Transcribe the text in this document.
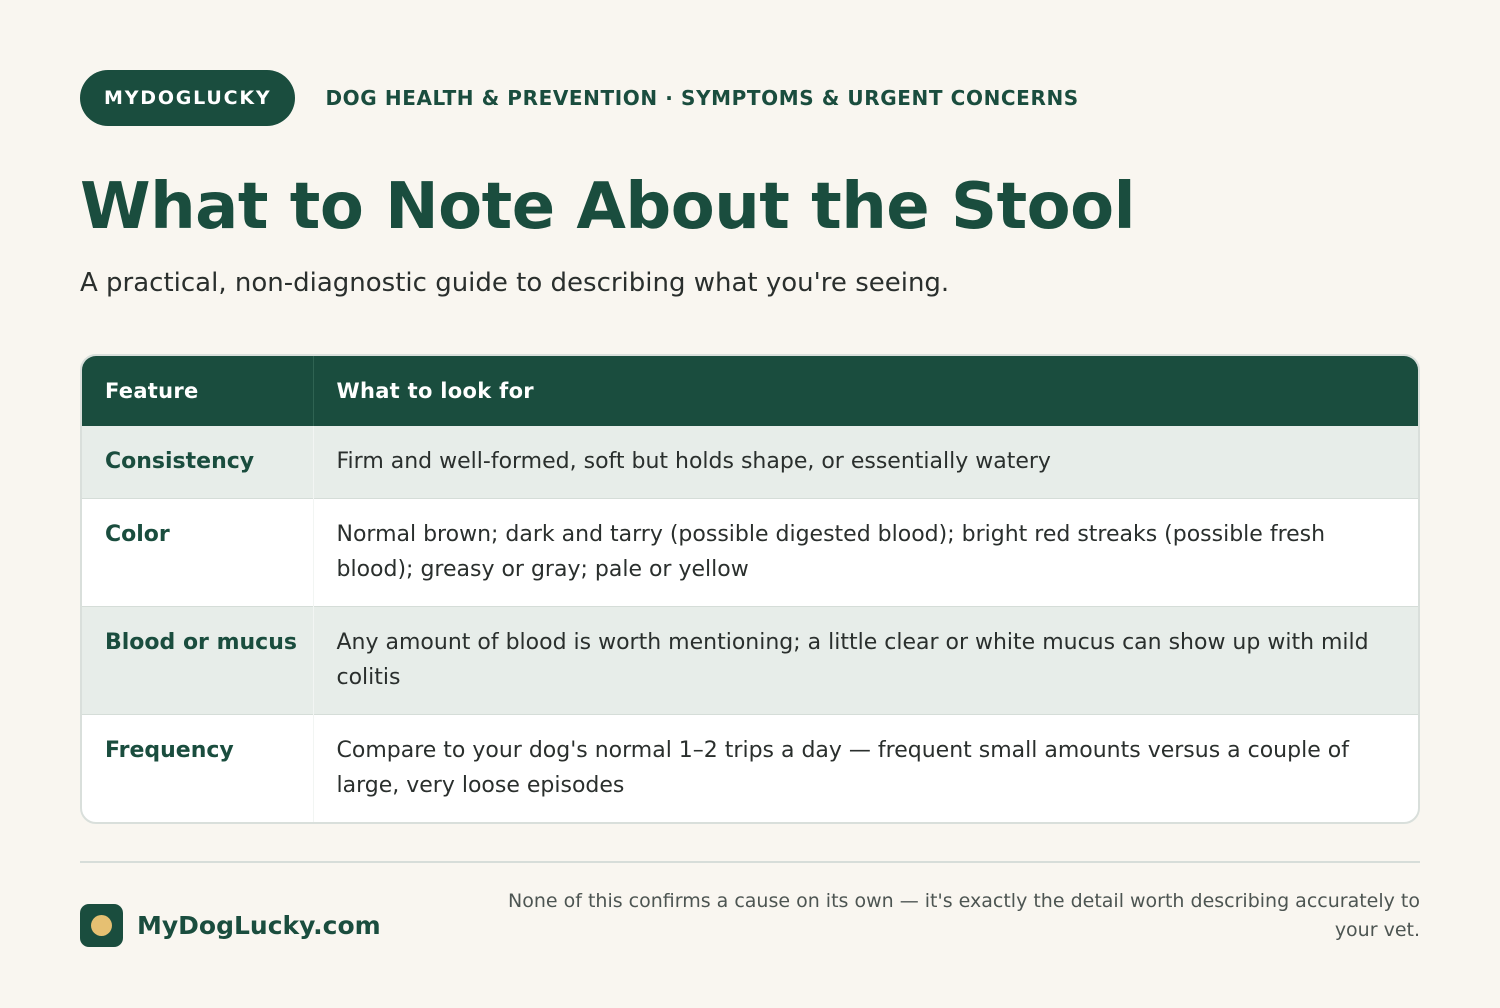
MYDOGLUCKY	DOG HEALTH & PREVENTION · SYMPTOMS & URGENT CONCERNS
What to Note About the Stool

A practical, non-diagnostic guide to describing what you're seeing.

Feature	What to look for
Consistency	Firm and well-formed, soft but holds shape, or essentially watery
Color	Normal brown; dark and tarry (possible digested blood); bright red streaks (possible fresh blood); greasy or gray; pale or yellow
Blood or mucus	Any amount of blood is worth mentioning; a little clear or white mucus can show up with mild colitis
Frequency	Compare to your dog's normal 1–2 trips a day — frequent small amounts versus a couple of large, very loose episodes
MyDogLucky.com

None of this confirms a cause on its own — it's exactly the detail worth describing accurately to your vet.
